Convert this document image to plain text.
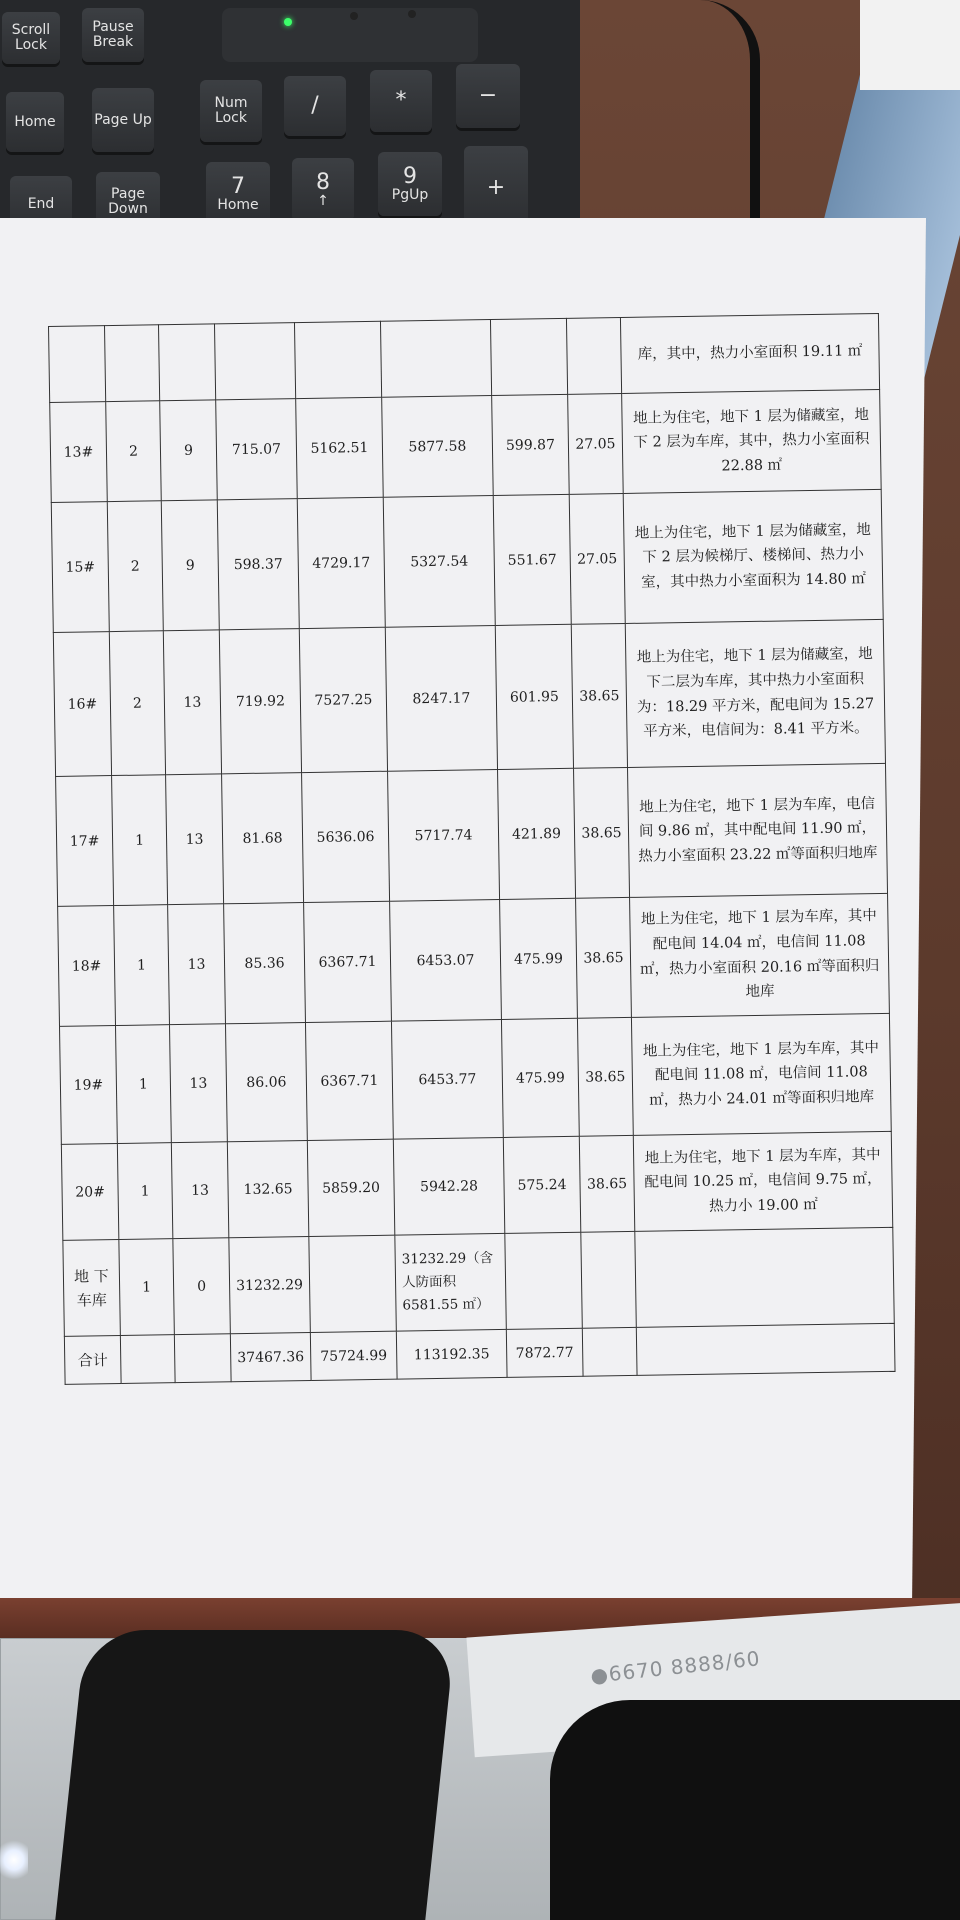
●6670 8888/60
Scroll Lock
Pause Break
Home	Page Up
Num Lock	/	*	−
End
Page Down
7
Home
8
↑
9
PgUp	+
								库，其中，热力小室面积 19.11 ㎡
13#	2	9	715.07	5162.51	5877.58	599.87	27.05	地上为住宅，地下 1 层为储藏室，地下 2 层为车库，其中，热力小室面积 22.88 ㎡
15#	2	9	598.37	4729.17	5327.54	551.67	27.05	地上为住宅，地下 1 层为储藏室，地下 2 层为候梯厅、楼梯间、热力小室，其中热力小室面积为 14.80 ㎡
16#	2	13	719.92	7527.25	8247.17	601.95	38.65	地上为住宅，地下 1 层为储藏室，地下二层为车库，其中热力小室面积为：18.29 平方米，配电间为 15.27 平方米，电信间为：8.41 平方米。
17#	1	13	81.68	5636.06	5717.74	421.89	38.65	地上为住宅，地下 1 层为车库，电信间 9.86 ㎡，其中配电间 11.90 ㎡，热力小室面积 23.22 ㎡等面积归地库
18#	1	13	85.36	6367.71	6453.07	475.99	38.65	地上为住宅，地下 1 层为车库，其中配电间 14.04 ㎡，电信间 11.08 ㎡，热力小室面积 20.16 ㎡等面积归地库
19#	1	13	86.06	6367.71	6453.77	475.99	38.65	地上为住宅，地下 1 层为车库，其中配电间 11.08 ㎡，电信间 11.08 ㎡，热力小 24.01 ㎡等面积归地库
20#	1	13	132.65	5859.20	5942.28	575.24	38.65	地上为住宅，地下 1 层为车库，其中配电间 10.25 ㎡，电信间 9.75 ㎡，热力小 19.00 ㎡
地 下 车库	1	0	31232.29		31232.29（含人防面积 6581.55 ㎡）			
合计			37467.36	75724.99	113192.35	7872.77		
